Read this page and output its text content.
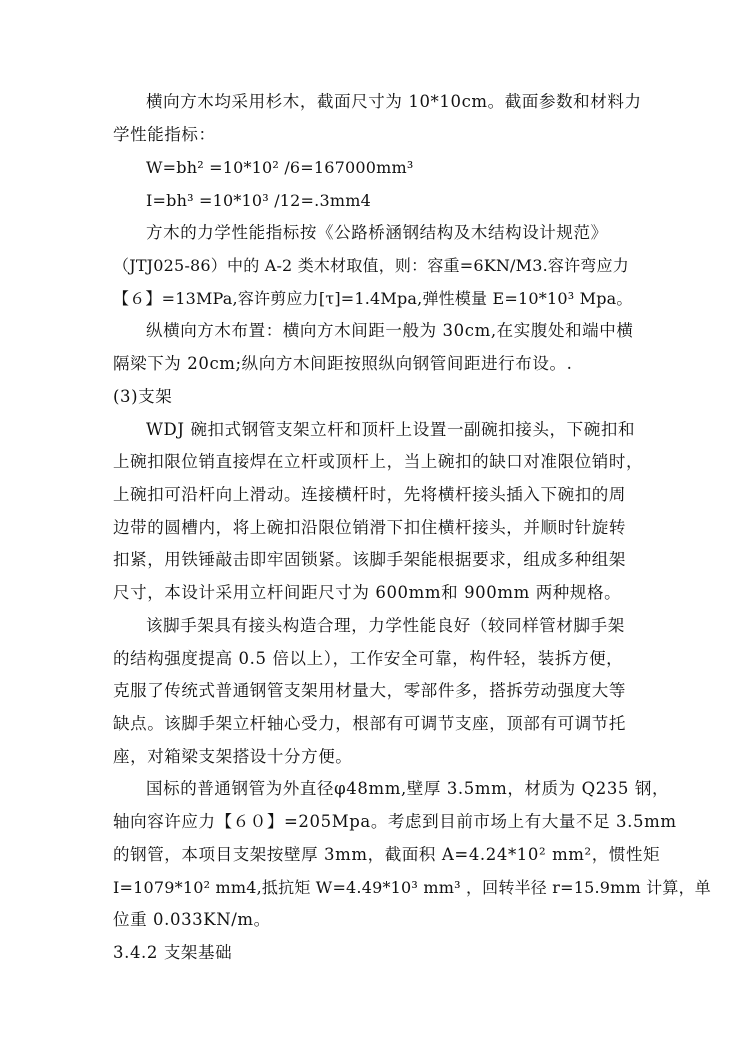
横向方木均采用杉木，截面尺寸为 10*10cm。截面参数和材料力
学性能指标：
W=bh² =10*10² /6=167000mm³
I=bh³ =10*10³ /12=.3mm4
方木的力学性能指标按《公路桥涵钢结构及木结构设计规范》
（JTJ025-86）中的 A-2 类木材取值，则：容重=6KN/M3.容许弯应力
【６】=13MPa,容许剪应力[τ]=1.4Mpa,弹性模量 E=10*10³ Mpa。
纵横向方木布置：横向方木间距一般为 30cm,在实腹处和端中横
隔梁下为 20cm;纵向方木间距按照纵向钢管间距进行布设。.
(3)支架
WDJ 碗扣式钢管支架立杆和顶杆上设置一副碗扣接头，下碗扣和
上碗扣限位销直接焊在立杆或顶杆上，当上碗扣的缺口对准限位销时，
上碗扣可沿杆向上滑动。连接横杆时，先将横杆接头插入下碗扣的周
边带的圆槽内，将上碗扣沿限位销滑下扣住横杆接头，并顺时针旋转
扣紧，用铁锤敲击即牢固锁紧。该脚手架能根据要求，组成多种组架
尺寸，本设计采用立杆间距尺寸为 600mm和 900mm 两种规格。
该脚手架具有接头构造合理，力学性能良好（较同样管材脚手架
的结构强度提高 0.5 倍以上），工作安全可靠，构件轻，装拆方便，
克服了传统式普通钢管支架用材量大，零部件多，搭拆劳动强度大等
缺点。该脚手架立杆轴心受力，根部有可调节支座，顶部有可调节托
座，对箱梁支架搭设十分方便。
国标的普通钢管为外直径φ48mm,壁厚 3.5mm，材质为 Q235 钢，
轴向容许应力【６０】=205Mpa。考虑到目前市场上有大量不足 3.5mm
的钢管，本项目支架按壁厚 3mm，截面积 A=4.24*10² mm²，惯性矩
I=1079*10² mm4,抵抗矩 W=4.49*10³ mm³ ，回转半径 r=15.9mm 计算，单
位重 0.033KN/m。
3.4.2 支架基础
